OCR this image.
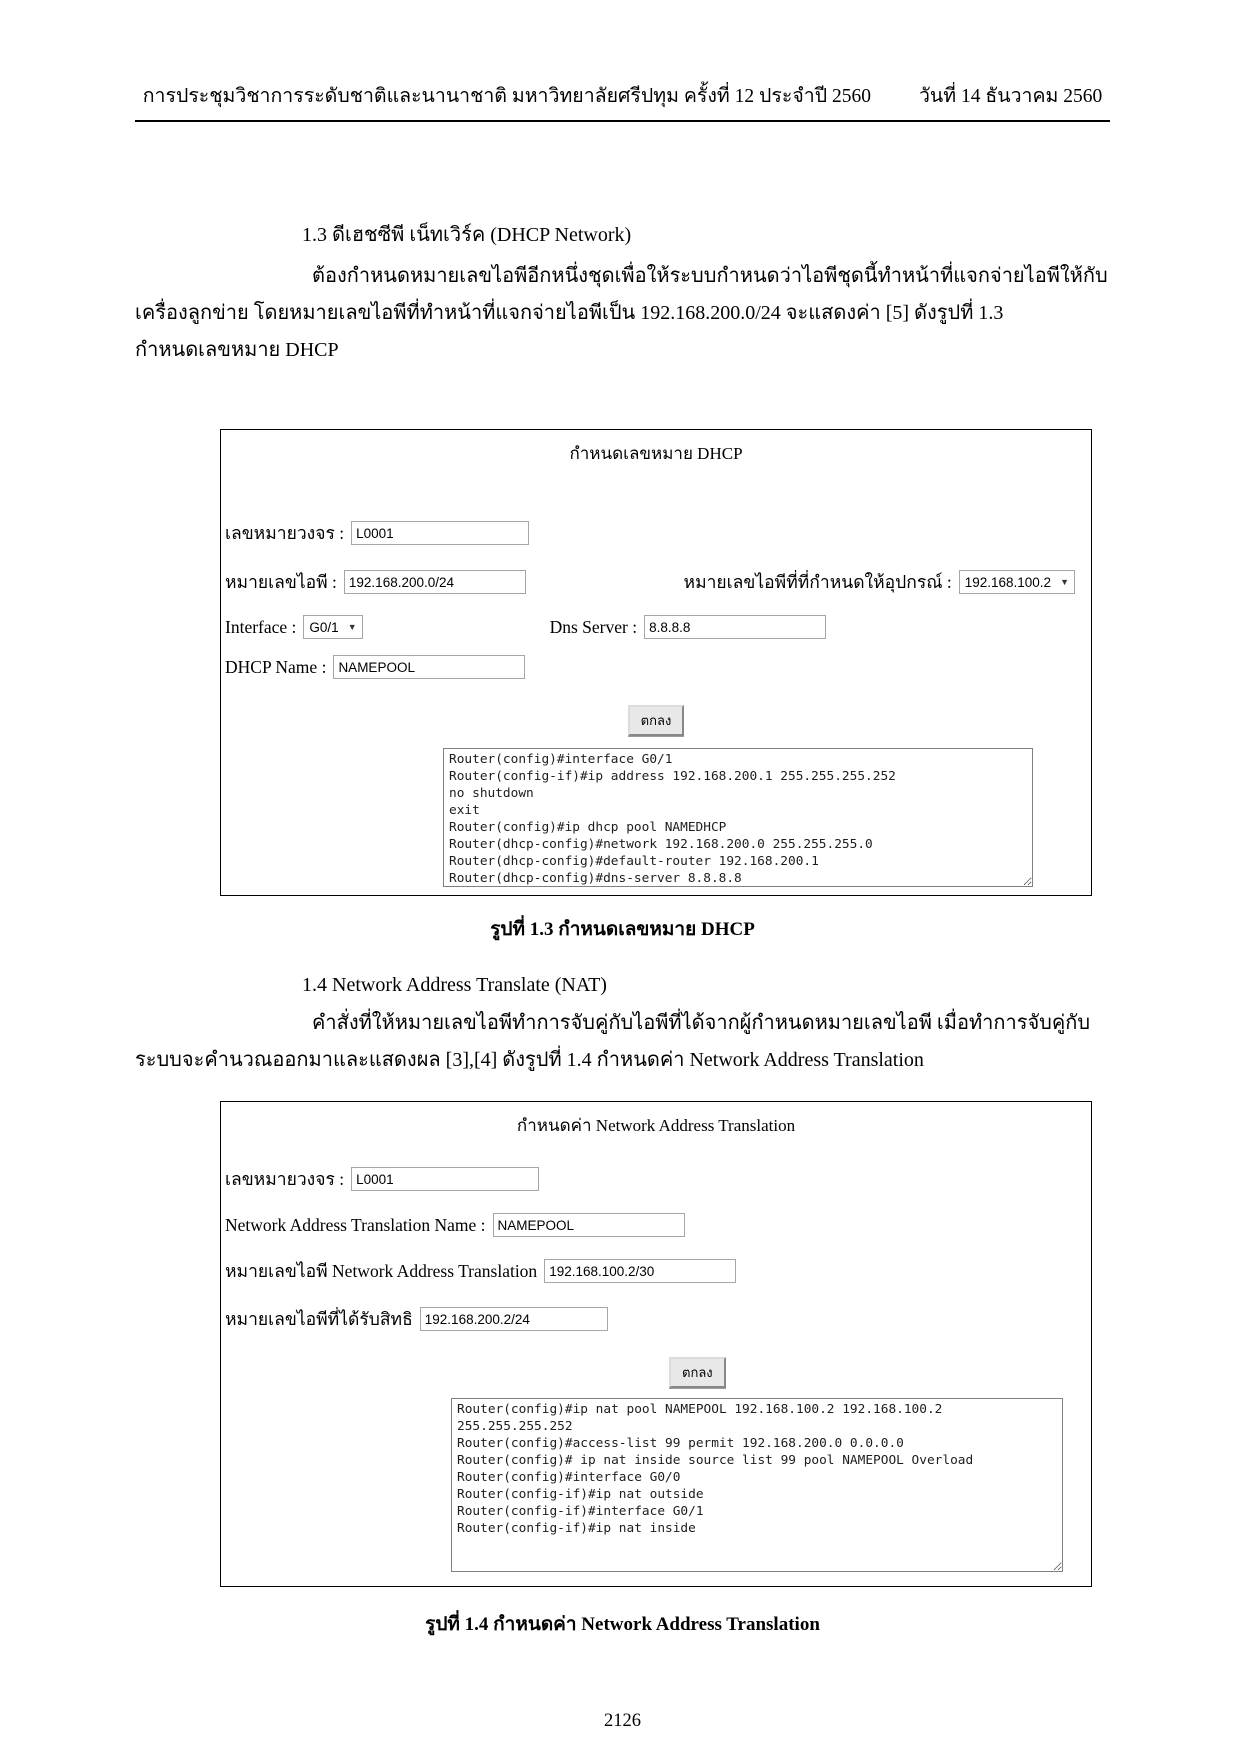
การประชุมวิชาการระดับชาติและนานาชาติ มหาวิทยาลัยศรีปทุม ครั้งที่ 12 ประจำปี 2560 วันที่ 14 ธันวาคม 2560
1.3 ดีเฮชซีพี เน็ทเวิร์ค (DHCP Network)
ต้องกำหนดหมายเลขไอพีอีกหนึ่งชุดเพื่อให้ระบบกำหนดว่าไอพีชุดนี้ทำหน้าที่แจกจ่ายไอพีให้กับ
เครื่องลูกข่าย โดยหมายเลขไอพีที่ทำหน้าที่แจกจ่ายไอพีเป็น 192.168.200.0/24 จะแสดงค่า [5] ดังรูปที่ 1.3
กำหนดเลขหมาย DHCP
กำหนดเลขหมาย DHCP
เลขหมายวงจร :
L0001
หมายเลขไอพี :
192.168.200.0/24	หมายเลขไอพีที่ที่กำหนดให้อุปกรณ์ : 192.168.100.2 ▼
Interface : G0/1 ▼	Dns Server :
8.8.8.8
DHCP Name :
NAMEPOOL
ตกลง
Router(config)#interface G0/1 Router(config-if)#ip address 192.168.200.1 255.255.255.252 no shutdown exit Router(config)#ip dhcp pool NAMEDHCP Router(dhcp-config)#network 192.168.200.0 255.255.255.0 Router(dhcp-config)#default-router 192.168.200.1 Router(dhcp-config)#dns-server 8.8.8.8
รูปที่ 1.3 กำหนดเลขหมาย DHCP
1.4 Network Address Translate (NAT)
คำสั่งที่ให้หมายเลขไอพีทำการจับคู่กับไอพีที่ได้จากผู้กำหนดหมายเลขไอพี เมื่อทำการจับคู่กับ
ระบบจะคำนวณออกมาและแสดงผล [3],[4] ดังรูปที่ 1.4 กำหนดค่า Network Address Translation
กำหนดค่า Network Address Translation
เลขหมายวงจร :
L0001
Network Address Translation Name :
NAMEPOOL
หมายเลขไอพี Network Address Translation
192.168.100.2/30
หมายเลขไอพีที่ได้รับสิทธิ
192.168.200.2/24
ตกลง
Router(config)#ip nat pool NAMEPOOL 192.168.100.2 192.168.100.2 255.255.255.252 Router(config)#access-list 99 permit 192.168.200.0 0.0.0.0 Router(config)# ip nat inside source list 99 pool NAMEPOOL Overload Router(config)#interface G0/0 Router(config-if)#ip nat outside Router(config-if)#interface G0/1 Router(config-if)#ip nat inside
รูปที่ 1.4 กำหนดค่า Network Address Translation
2126
